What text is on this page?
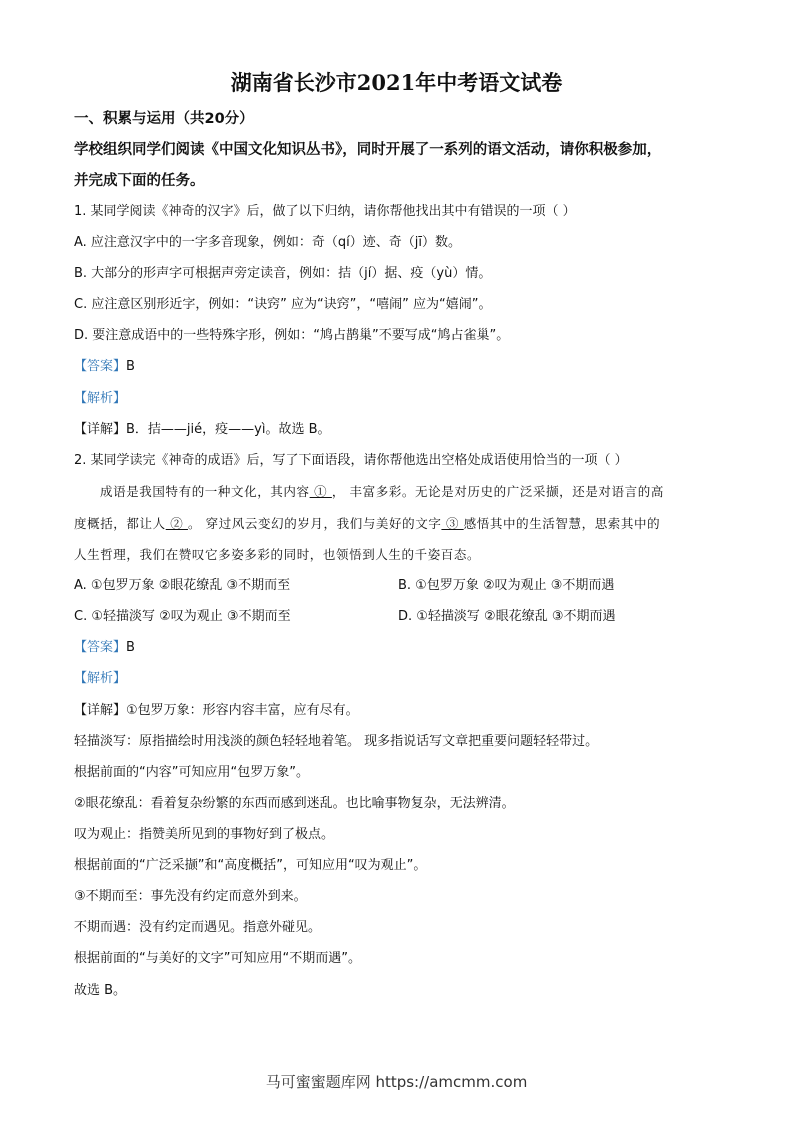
湖南省长沙市2021年中考语文试卷
一、积累与运用（共20分）
学校组织同学们阅读《中国文化知识丛书》，同时开展了一系列的语文活动，请你积极参加，
并完成下面的任务。
1. 某同学阅读《神奇的汉字》后，做了以下归纳，请你帮他找出其中有错误的一项（ ）
A. 应注意汉字中的一字多音现象，例如：奇（qí）迹、奇（jī）数。
B. 大部分的形声字可根据声旁定读音，例如：拮（jí）据、疫（yù）情。
C. 应注意区别形近字，例如：“诀窍” 应为“诀窍”，“嘻闹” 应为“嬉闹”。
D. 要注意成语中的一些特殊字形，例如：“鸠占鹊巢”不要写成“鸠占雀巢”。
【答案】B
【解析】
【详解】B．拮——jié，疫——yì。故选 B。
2. 某同学读完《神奇的成语》后，写了下面语段，请你帮他选出空格处成语使用恰当的一项（ ）
成语是我国特有的一种文化，其内容 ① ， 丰富多彩。无论是对历史的广泛采撷，还是对语言的高
度概括，都让人 ② 。 穿过风云变幻的岁月，我们与美好的文字 ③ 感悟其中的生活智慧，思索其中的
人生哲理，我们在赞叹它多姿多彩的同时，也领悟到人生的千姿百态。
A. ①包罗万象 ②眼花缭乱 ③不期而至	B. ①包罗万象 ②叹为观止 ③不期而遇
C. ①轻描淡写 ②叹为观止 ③不期而至	D. ①轻描淡写 ②眼花缭乱 ③不期而遇
【答案】B
【解析】
【详解】①包罗万象：形容内容丰富，应有尽有。
轻描淡写：原指描绘时用浅淡的颜色轻轻地着笔。 现多指说话写文章把重要问题轻轻带过。
根据前面的“内容”可知应用“包罗万象”。
②眼花缭乱：看着复杂纷繁的东西而感到迷乱。也比喻事物复杂，无法辨清。
叹为观止：指赞美所见到的事物好到了极点。
根据前面的“广泛采撷”和“高度概括”，可知应用“叹为观止”。
③不期而至：事先没有约定而意外到来。
不期而遇：没有约定而遇见。指意外碰见。
根据前面的“与美好的文字”可知应用“不期而遇”。
故选 B。
马可蜜蜜题库网 https://amcmm.com
